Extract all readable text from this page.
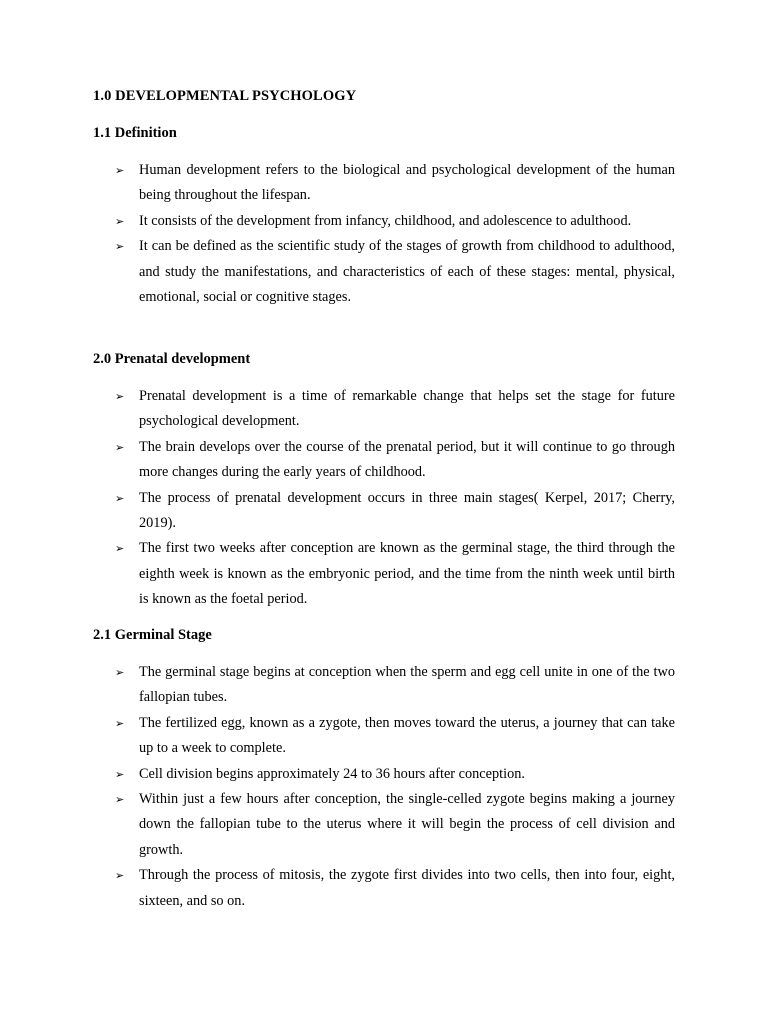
1.0 DEVELOPMENTAL PSYCHOLOGY
1.1 Definition
➢ Human development refers to the biological and psychological development of the human being throughout the lifespan.
➢ It consists of the development from infancy, childhood, and adolescence to adulthood.
➢ It can be defined as the scientific study of the stages of growth from childhood to adulthood, and study the manifestations, and characteristics of each of these stages: mental, physical, emotional, social or cognitive stages.
2.0 Prenatal development
➢ Prenatal development is a time of remarkable change that helps set the stage for future psychological development.
➢ The brain develops over the course of the prenatal period, but it will continue to go through more changes during the early years of childhood.
➢ The process of prenatal development occurs in three main stages( Kerpel, 2017; Cherry, 2019).
➢ The first two weeks after conception are known as the germinal stage, the third through the eighth week is known as the embryonic period, and the time from the ninth week until birth is known as the foetal period.
2.1 Germinal Stage
➢ The germinal stage begins at conception when the sperm and egg cell unite in one of the two fallopian tubes.
➢ The fertilized egg, known as a zygote, then moves toward the uterus, a journey that can take up to a week to complete.
➢ Cell division begins approximately 24 to 36 hours after conception.
➢ Within just a few hours after conception, the single-celled zygote begins making a journey down the fallopian tube to the uterus where it will begin the process of cell division and growth.
➢ Through the process of mitosis, the zygote first divides into two cells, then into four, eight, sixteen, and so on.
